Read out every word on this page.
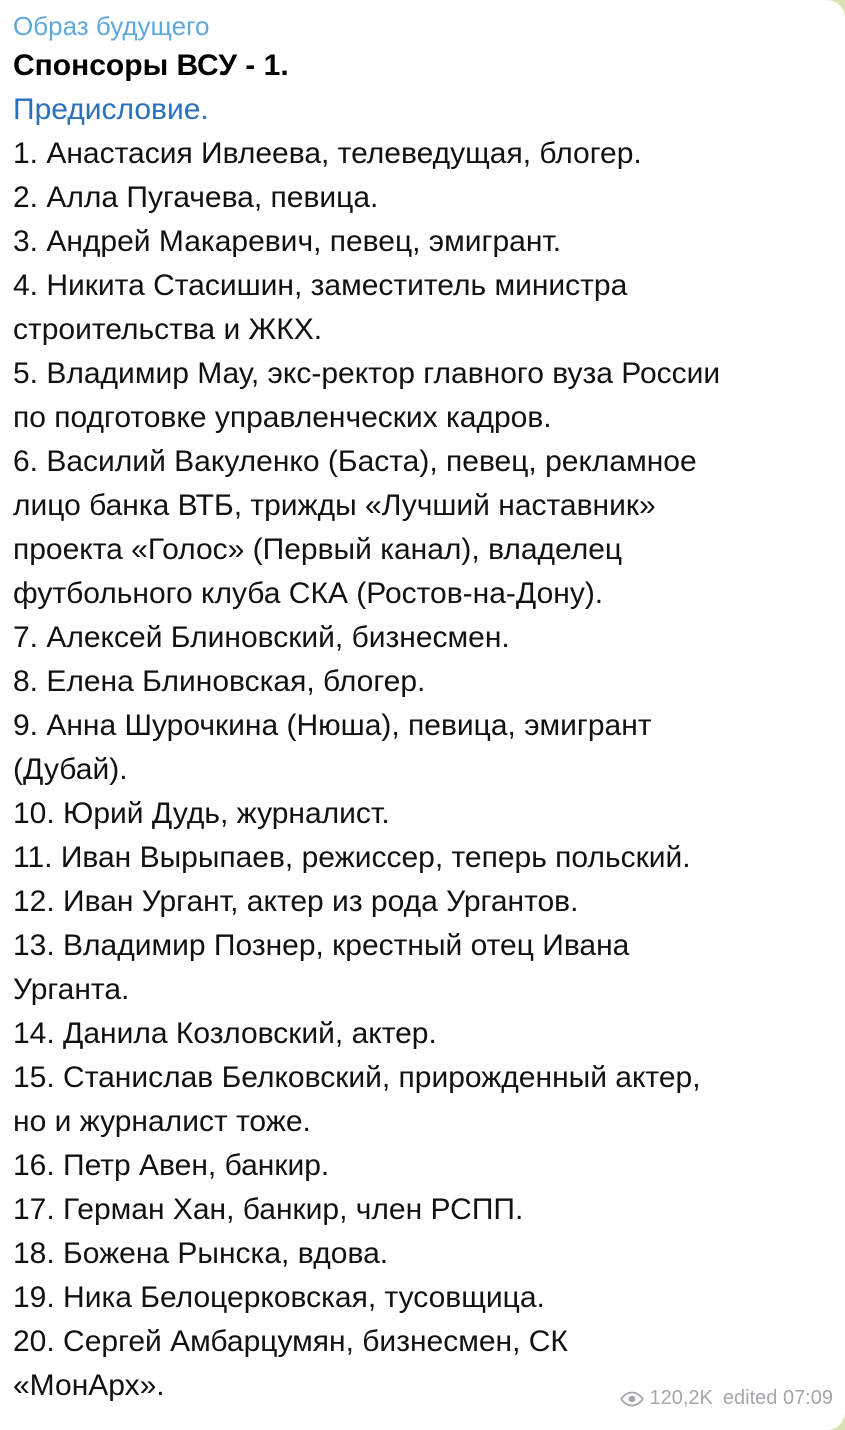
Образ будущего
Спонсоры ВСУ - 1.
Предисловие.
1. Анастасия Ивлеева, телеведущая, блогер.
2. Алла Пугачева, певица.
3. Андрей Макаревич, певец, эмигрант.
4. Никита Стасишин, заместитель министра
строительства и ЖКХ.
5. Владимир Мау, экс-ректор главного вуза России
по подготовке управленческих кадров.
6. Василий Вакуленко (Баста), певец, рекламное
лицо банка ВТБ, трижды «Лучший наставник»
проекта «Голос» (Первый канал), владелец
футбольного клуба СКА (Ростов-на-Дону).
7. Алексей Блиновский, бизнесмен.
8. Елена Блиновская, блогер.
9. Анна Шурочкина (Нюша), певица, эмигрант
(Дубай).
10. Юрий Дудь, журналист.
11. Иван Вырыпаев, режиссер, теперь польский.
12. Иван Ургант, актер из рода Ургантов.
13. Владимир Познер, крестный отец Ивана
Урганта.
14. Данила Козловский, актер.
15. Станислав Белковский, прирожденный актер,
но и журналист тоже.
16. Петр Авен, банкир.
17. Герман Хан, банкир, член РСПП.
18. Божена Рынска, вдова.
19. Ника Белоцерковская, тусовщица.
20. Сергей Амбарцумян, бизнесмен, СК
«МонАрх».	120,2K edited 07:09
